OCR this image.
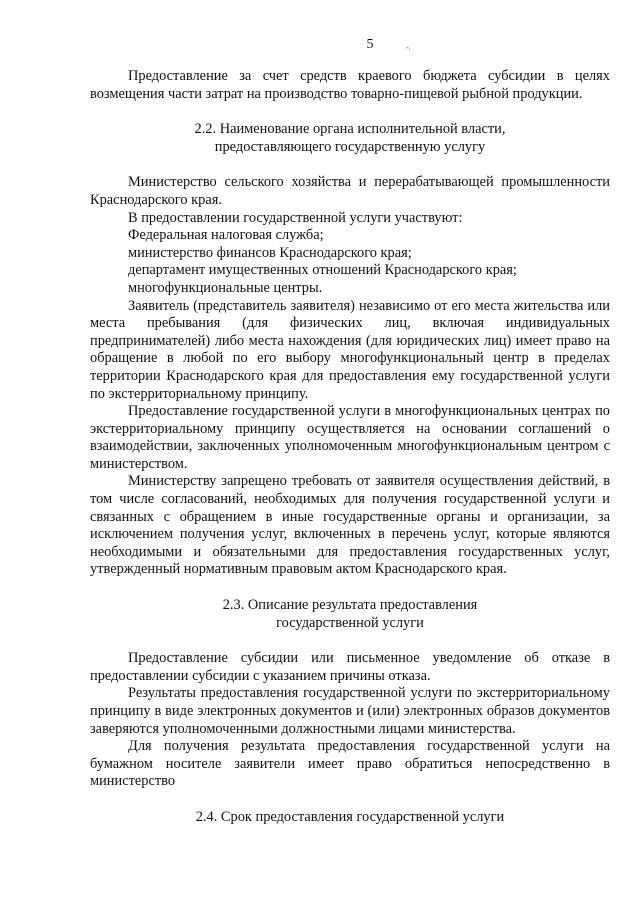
5	"\

Предоставление за счет средств краевого бюджета субсидии в целях возмещения части затрат на производство товарно-пищевой рыбной продукции.

2.2. Наименование органа исполнительной власти,
предоставляющего государственную услугу

Министерство сельского хозяйства и перерабатывающей промышленности Краснодарского края.

В предоставлении государственной услуги участвуют:

Федеральная налоговая служба;

министерство финансов Краснодарского края;

департамент имущественных отношений Краснодарского края;

многофункциональные центры.

Заявитель (представитель заявителя) независимо от его места жительства или места пребывания (для физических лиц, включая индивидуальных предпринимателей) либо места нахождения (для юридических лиц) имеет право на обращение в любой по его выбору многофункциональный центр в пределах территории Краснодарского края для предоставления ему государственной услуги по экстерриториальному принципу.

Предоставление государственной услуги в многофункциональных центрах по экстерриториальному принципу осуществляется на основании соглашений о взаимодействии, заключенных уполномоченным многофункциональным центром с министерством.

Министерству запрещено требовать от заявителя осуществления действий, в том числе согласований, необходимых для получения государственной услуги и связанных с обращением в иные государственные органы и организации, за исключением получения услуг, включенных в перечень услуг, которые являются необходимыми и обязательными для предоставления государственных услуг, утвержденный нормативным правовым актом Краснодарского края.

2.3. Описание результата предоставления
государственной услуги

Предоставление субсидии или письменное уведомление об отказе в предоставлении субсидии с указанием причины отказа.

Результаты предоставления государственной услуги по экстерриториальному принципу в виде электронных документов и (или) электронных образов документов заверяются уполномоченными должностными лицами министерства.

Для получения результата предоставления государственной услуги на бумажном носителе заявители имеет право обратиться непосредственно в министерство

2.4. Срок предоставления государственной услуги
